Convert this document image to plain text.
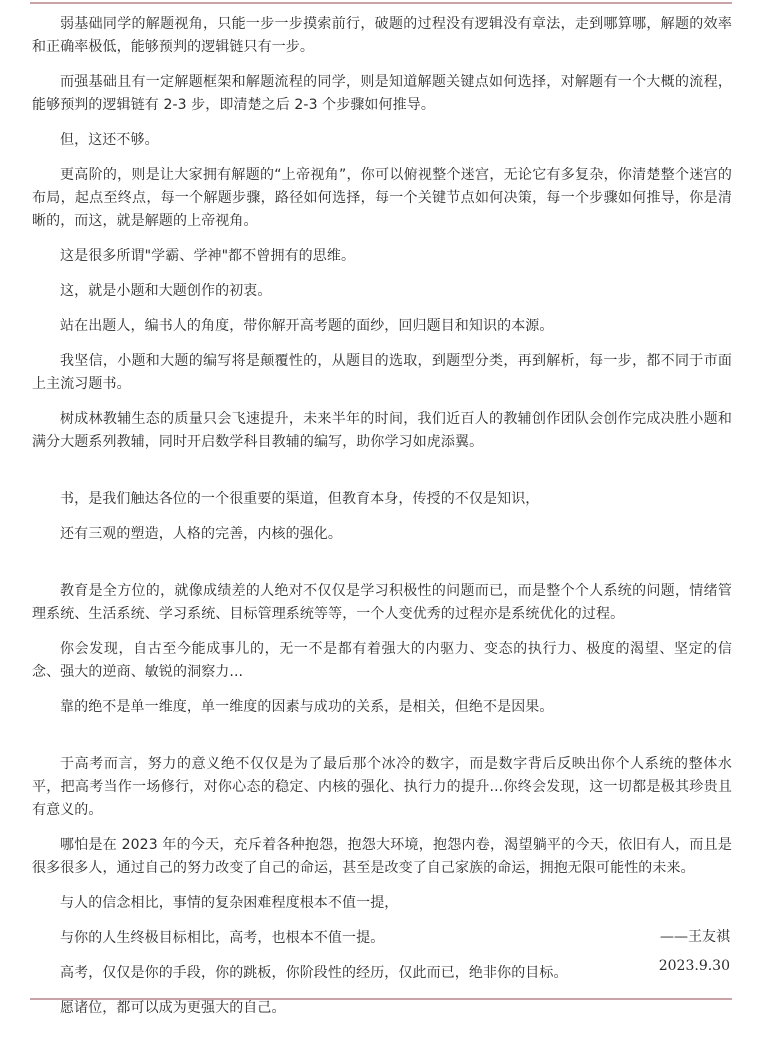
弱基础同学的解题视角，只能一步一步摸索前行，破题的过程没有逻辑没有章法，走到哪算哪，解题的效率和正确率极低，能够预判的逻辑链只有一步。

而强基础且有一定解题框架和解题流程的同学，则是知道解题关键点如何选择，对解题有一个大概的流程，能够预判的逻辑链有 2-3 步，即清楚之后 2-3 个步骤如何推导。

但，这还不够。

更高阶的，则是让大家拥有解题的“上帝视角”，你可以俯视整个迷宫，无论它有多复杂，你清楚整个迷宫的布局，起点至终点，每一个解题步骤，路径如何选择，每一个关键节点如何决策，每一个步骤如何推导，你是清晰的，而这，就是解题的上帝视角。

这是很多所谓"学霸、学神"都不曾拥有的思维。

这，就是小题和大题创作的初衷。

站在出题人，编书人的角度，带你解开高考题的面纱，回归题目和知识的本源。

我坚信，小题和大题的编写将是颠覆性的，从题目的选取，到题型分类，再到解析，每一步，都不同于市面上主流习题书。

树成林教辅生态的质量只会飞速提升，未来半年的时间，我们近百人的教辅创作团队会创作完成决胜小题和满分大题系列教辅，同时开启数学科目教辅的编写，助你学习如虎添翼。

书，是我们触达各位的一个很重要的渠道，但教育本身，传授的不仅是知识，

还有三观的塑造，人格的完善，内核的强化。

教育是全方位的，就像成绩差的人绝对不仅仅是学习积极性的问题而已，而是整个个人系统的问题，情绪管理系统、生活系统、学习系统、目标管理系统等等，一个人变优秀的过程亦是系统优化的过程。

你会发现，自古至今能成事儿的，无一不是都有着强大的内驱力、变态的执行力、极度的渴望、坚定的信念、强大的逆商、敏锐的洞察力...

靠的绝不是单一维度，单一维度的因素与成功的关系，是相关，但绝不是因果。

于高考而言，努力的意义绝不仅仅是为了最后那个冰冷的数字，而是数字背后反映出你个人系统的整体水平，把高考当作一场修行，对你心态的稳定、内核的强化、执行力的提升...你终会发现，这一切都是极其珍贵且有意义的。

哪怕是在 2023 年的今天，充斥着各种抱怨，抱怨大环境，抱怨内卷，渴望躺平的今天，依旧有人，而且是很多很多人，通过自己的努力改变了自己的命运，甚至是改变了自己家族的命运，拥抱无限可能性的未来。

与人的信念相比，事情的复杂困难程度根本不值一提，

与你的人生终极目标相比，高考，也根本不值一提。

高考，仅仅是你的手段，你的跳板，你阶段性的经历，仅此而已，绝非你的目标。

愿诸位，都可以成为更强大的自己。

——王友祺
2023.9.30
